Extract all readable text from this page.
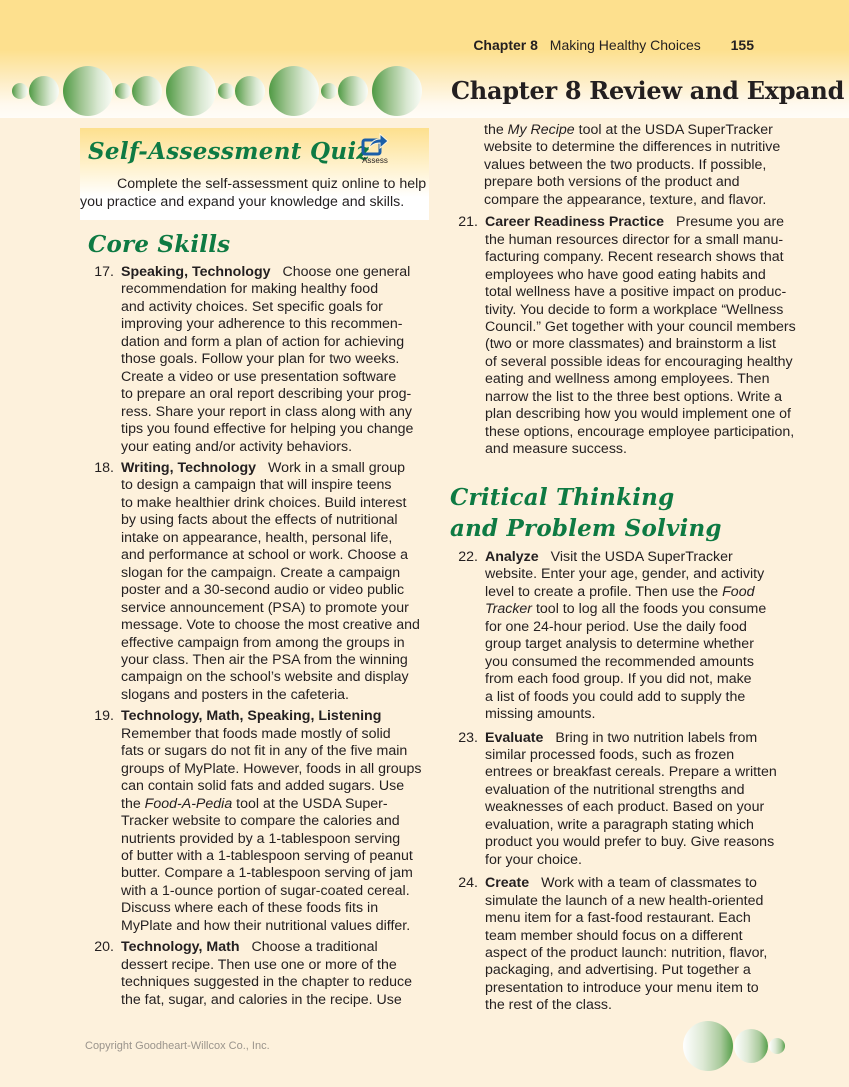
Chapter 8 Making Healthy Choices 155
Chapter 8 Review and Expand
Self-Assessment Quiz
Assess
Complete the self-assessment quiz online to help
you practice and expand your knowledge and skills.
Core Skills
17. Speaking, Technology Choose one general
recommendation for making healthy food
and activity choices. Set specific goals for
improving your adherence to this recommen-
dation and form a plan of action for achieving
those goals. Follow your plan for two weeks.
Create a video or use presentation software
to prepare an oral report describing your prog-
ress. Share your report in class along with any
tips you found effective for helping you change
your eating and/or activity behaviors.
18. Writing, Technology Work in a small group
to design a campaign that will inspire teens
to make healthier drink choices. Build interest
by using facts about the effects of nutritional
intake on appearance, health, personal life,
and performance at school or work. Choose a
slogan for the campaign. Create a campaign
poster and a 30-second audio or video public
service announcement (PSA) to promote your
message. Vote to choose the most creative and
effective campaign from among the groups in
your class. Then air the PSA from the winning
campaign on the school’s website and display
slogans and posters in the cafeteria.
19. Technology, Math, Speaking, Listening
Remember that foods made mostly of solid
fats or sugars do not fit in any of the five main
groups of MyPlate. However, foods in all groups
can contain solid fats and added sugars. Use
the Food-A-Pedia tool at the USDA Super-
Tracker website to compare the calories and
nutrients provided by a 1-tablespoon serving
of butter with a 1-tablespoon serving of peanut
butter. Compare a 1-tablespoon serving of jam
with a 1-ounce portion of sugar-coated cereal.
Discuss where each of these foods fits in
MyPlate and how their nutritional values differ.
20. Technology, Math Choose a traditional
dessert recipe. Then use one or more of the
techniques suggested in the chapter to reduce
the fat, sugar, and calories in the recipe. Use
the My Recipe tool at the USDA SuperTracker
website to determine the differences in nutritive
values between the two products. If possible,
prepare both versions of the product and
compare the appearance, texture, and flavor.
21. Career Readiness Practice Presume you are
the human resources director for a small manu-
facturing company. Recent research shows that
employees who have good eating habits and
total wellness have a positive impact on produc-
tivity. You decide to form a workplace “Wellness
Council.” Get together with your council members
(two or more classmates) and brainstorm a list
of several possible ideas for encouraging healthy
eating and wellness among employees. Then
narrow the list to the three best options. Write a
plan describing how you would implement one of
these options, encourage employee participation,
and measure success.
Critical Thinking
and Problem Solving
22. Analyze Visit the USDA SuperTracker
website. Enter your age, gender, and activity
level to create a profile. Then use the Food
Tracker tool to log all the foods you consume
for one 24-hour period. Use the daily food
group target analysis to determine whether
you consumed the recommended amounts
from each food group. If you did not, make
a list of foods you could add to supply the
missing amounts.
23. Evaluate Bring in two nutrition labels from
similar processed foods, such as frozen
entrees or breakfast cereals. Prepare a written
evaluation of the nutritional strengths and
weaknesses of each product. Based on your
evaluation, write a paragraph stating which
product you would prefer to buy. Give reasons
for your choice.
24. Create Work with a team of classmates to
simulate the launch of a new health-oriented
menu item for a fast-food restaurant. Each
team member should focus on a different
aspect of the product launch: nutrition, flavor,
packaging, and advertising. Put together a
presentation to introduce your menu item to
the rest of the class.
Copyright Goodheart-Willcox Co., Inc.
